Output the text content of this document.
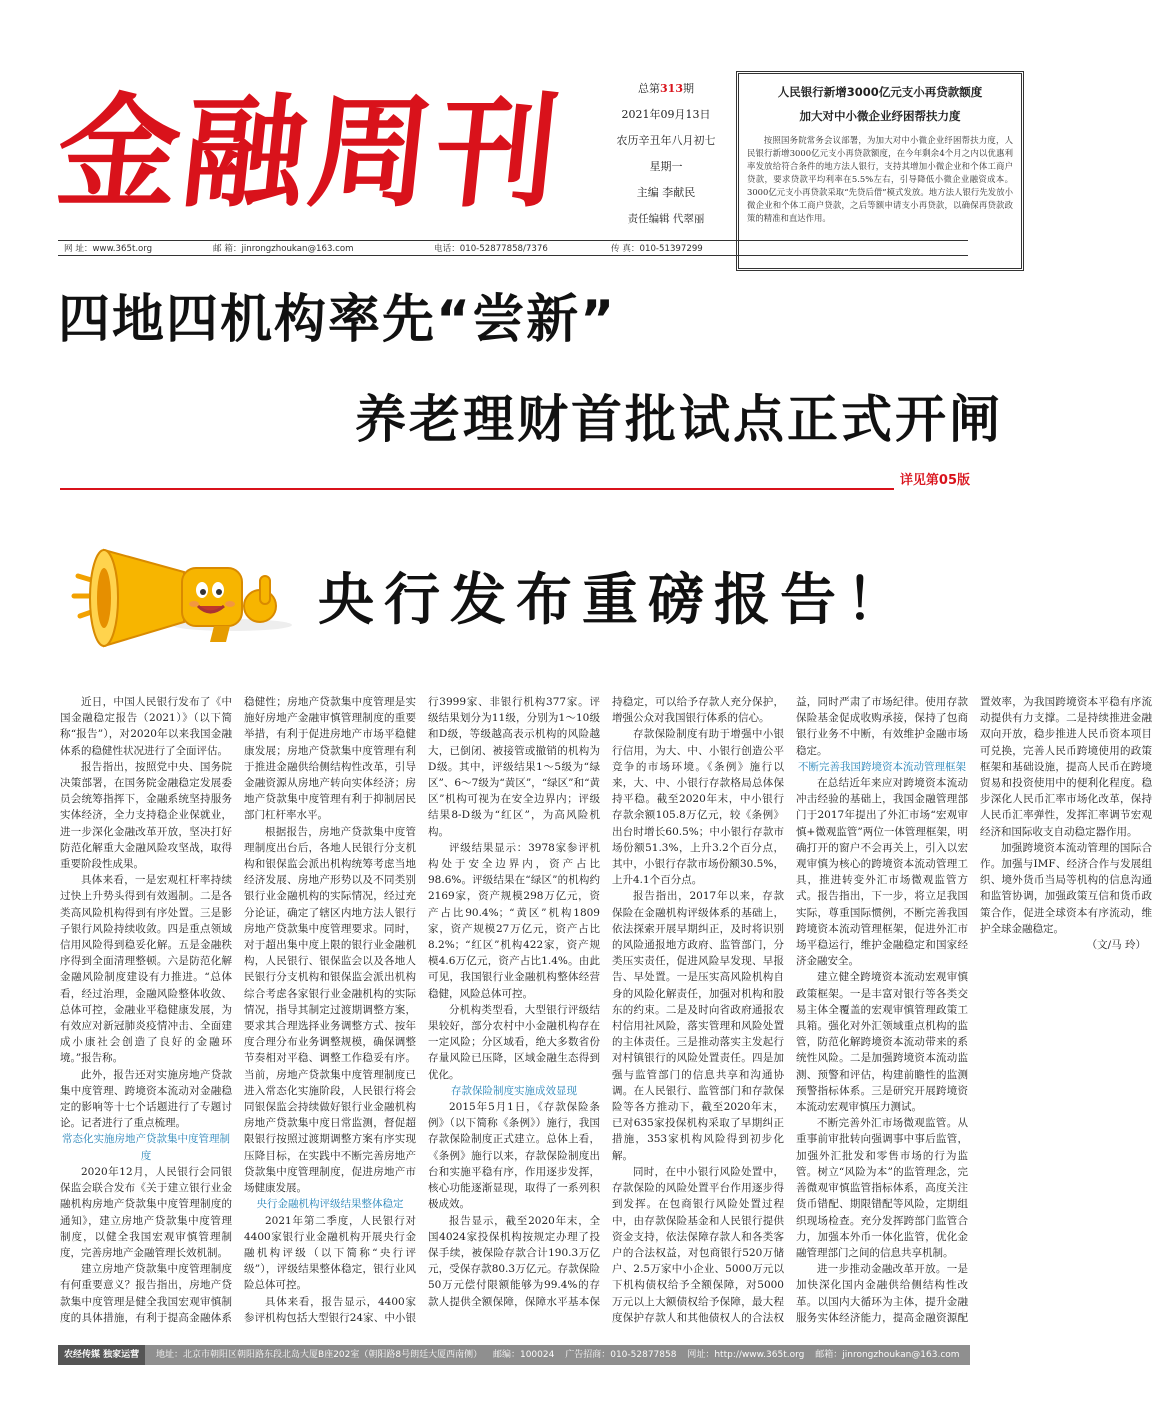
金融周刊	总第313期
2021年09月13日
农历辛丑年八月初七
星期一
主编 李献民
责任编辑 代翠丽
人民银行新增3000亿元支小再贷款额度
加大对中小微企业纾困帮扶力度
按照国务院常务会议部署，为加大对中小微企业纾困帮扶力度，人民银行新增3000亿元支小再贷款额度，在今年剩余4个月之内以优惠利率发放给符合条件的地方法人银行，支持其增加小微企业和个体工商户贷款，要求贷款平均利率在5.5%左右，引导降低小微企业融资成本。3000亿元支小再贷款采取“先贷后借”模式发放。地方法人银行先发放小微企业和个体工商户贷款，之后等额申请支小再贷款，以确保再贷款政策的精准和直达作用。
网 址：www.365t.org	邮 箱：jinrongzhoukan@163.com	电话：010-52877858/7376	传 真：010-51397299
四地四机构率先“尝新”
养老理财首批试点正式开闸
详见第05版
央行发布重磅报告！

近日，中国人民银行发布了《中国金融稳定报告（2021）》（以下简称“报告”），对2020年以来我国金融体系的稳健性状况进行了全面评估。

报告指出，按照党中央、国务院决策部署，在国务院金融稳定发展委员会统筹指挥下，金融系统坚持服务实体经济，全力支持稳企业保就业，进一步深化金融改革开放，坚决打好防范化解重大金融风险攻坚战，取得重要阶段性成果。

具体来看，一是宏观杠杆率持续过快上升势头得到有效遏制。二是各类高风险机构得到有序处置。三是影子银行风险持续收敛。四是重点领域信用风险得到稳妥化解。五是金融秩序得到全面清理整顿。六是防范化解金融风险制度建设有力推进。“总体看，经过治理，金融风险整体收敛、总体可控，金融业平稳健康发展，为有效应对新冠肺炎疫情冲击、全面建成小康社会创造了良好的金融环境。”报告称。

此外，报告还对实施房地产贷款集中度管理、跨境资本流动对金融稳定的影响等十七个话题进行了专题讨论。记者进行了重点梳理。

常态化实施房地产贷款集中度管理制度

2020年12月，人民银行会同银保监会联合发布《关于建立银行业金融机构房地产贷款集中度管理制度的通知》，建立房地产贷款集中度管理制度，以健全我国宏观审慎管理制度，完善房地产金融管理长效机制。

建立房地产贷款集中度管理制度有何重要意义？报告指出，房地产贷款集中度管理是健全我国宏观审慎制度的具体措施，有利于提高金融体系稳健性；房地产贷款集中度管理是实施好房地产金融审慎管理制度的重要举措，有利于促进房地产市场平稳健康发展；房地产贷款集中度管理有利于推进金融供给侧结构性改革，引导金融资源从房地产转向实体经济；房地产贷款集中度管理有利于抑制居民部门杠杆率水平。

根据报告，房地产贷款集中度管理制度出台后，各地人民银行分支机构和银保监会派出机构统筹考虑当地经济发展、房地产形势以及不同类别银行业金融机构的实际情况，经过充分论证，确定了辖区内地方法人银行房地产贷款集中度管理要求。同时，对于超出集中度上限的银行业金融机构，人民银行、银保监会以及各地人民银行分支机构和银保监会派出机构综合考虑各家银行业金融机构的实际情况，指导其制定过渡期调整方案，要求其合理选择业务调整方式、按年度合理分布业务调整规模，确保调整节奏相对平稳、调整工作稳妥有序。当前，房地产贷款集中度管理制度已进入常态化实施阶段，人民银行将会同银保监会持续做好银行业金融机构房地产贷款集中度日常监测，督促超限银行按照过渡期调整方案有序实现压降目标，在实践中不断完善房地产贷款集中度管理制度，促进房地产市场健康发展。

央行金融机构评级结果整体稳定

2021年第二季度，人民银行对4400家银行业金融机构开展央行金融机构评级（以下简称“央行评级”），评级结果整体稳定，银行业风险总体可控。

具体来看，报告显示，4400家参评机构包括大型银行24家、中小银行3999家、非银行机构377家。评级结果划分为11级，分别为1～10级和D级，等级越高表示机构的风险越大，已倒闭、被接管或撤销的机构为D级。其中，评级结果1～5级为“绿区”、6～7级为“黄区”，“绿区”和“黄区”机构可视为在安全边界内；评级结果8-D级为“红区”，为高风险机构。

评级结果显示：3978家参评机构处于安全边界内，资产占比98.6%。评级结果在“绿区”的机构约2169家，资产规模298万亿元，资产占比90.4%；“黄区”机构1809家，资产规模27万亿元，资产占比8.2%；“红区”机构422家，资产规模4.6万亿元，资产占比1.4%。由此可见，我国银行业金融机构整体经营稳健，风险总体可控。

分机构类型看，大型银行评级结果较好，部分农村中小金融机构存在一定风险；分区域看，绝大多数省份存量风险已压降，区域金融生态得到优化。

存款保险制度实施成效显现

2015年5月1日，《存款保险条例》（以下简称《条例》）施行，我国存款保险制度正式建立。总体上看，《条例》施行以来，存款保险制度出台和实施平稳有序，作用逐步发挥，核心功能逐渐显现，取得了一系列积极成效。

报告显示，截至2020年末，全国4024家投保机构按规定办理了投保手续，被保险存款合计190.3万亿元，受保存款80.3万亿元。存款保险50万元偿付限额能够为99.4%的存款人提供全额保障，保障水平基本保持稳定，可以给予存款人充分保护，增强公众对我国银行体系的信心。

存款保险制度有助于增强中小银行信用，为大、中、小银行创造公平竞争的市场环境。《条例》施行以来，大、中、小银行存款格局总体保持平稳。截至2020年末，中小银行存款余额105.8万亿元，较《条例》出台时增长60.5%；中小银行存款市场份额51.3%，上升3.2个百分点，其中，小银行存款市场份额30.5%，上升4.1个百分点。

报告指出，2017年以来，存款保险在金融机构评级体系的基础上，依法探索开展早期纠正，及时将识别的风险通报地方政府、监管部门，分类压实责任，促进风险早发现、早报告、早处置。一是压实高风险机构自身的风险化解责任，加强对机构和股东的约束。二是及时向省政府通报农村信用社风险，落实管理和风险处置的主体责任。三是推动落实主发起行对村镇银行的风险处置责任。四是加强与监管部门的信息共享和沟通协调。在人民银行、监管部门和存款保险等各方推动下，截至2020年末，已对635家投保机构采取了早期纠正措施，353家机构风险得到初步化解。

同时，在中小银行风险处置中，存款保险的风险处置平台作用逐步得到发挥。在包商银行风险处置过程中，由存款保险基金和人民银行提供资金支持，依法保障存款人和各类客户的合法权益，对包商银行520万储户、2.5万家中小企业、5000万元以下机构债权给予全额保障，对5000万元以上大额债权给予保障，最大程度保护存款人和其他债权人的合法权益，同时严肃了市场纪律。使用存款保险基金促成收购承接，保持了包商银行业务不中断，有效维护金融市场稳定。

不断完善我国跨境资本流动管理框架

在总结近年来应对跨境资本流动冲击经验的基础上，我国金融管理部门于2017年提出了外汇市场“宏观审慎+微观监管”两位一体管理框架，明确打开的窗户不会再关上，引入以宏观审慎为核心的跨境资本流动管理工具，推进转变外汇市场微观监管方式。报告指出，下一步，将立足我国实际，尊重国际惯例，不断完善我国跨境资本流动管理框架，促进外汇市场平稳运行，维护金融稳定和国家经济金融安全。

建立健全跨境资本流动宏观审慎政策框架。一是丰富对银行等各类交易主体全覆盖的宏观审慎管理政策工具箱。强化对外汇领域重点机构的监管，防范化解跨境资本流动带来的系统性风险。二是加强跨境资本流动监测、预警和评估，构建前瞻性的监测预警指标体系。三是研究开展跨境资本流动宏观审慎压力测试。

不断完善外汇市场微观监管。从重事前审批转向强调事中事后监管，加强外汇批发和零售市场的行为监管。树立“风险为本”的监管理念，完善微观审慎监管指标体系，高度关注货币错配、期限错配等风险，定期组织现场检查。充分发挥跨部门监管合力，加强本外币一体化监管，优化金融管理部门之间的信息共享机制。

进一步推动金融改革开放。一是加快深化国内金融供给侧结构性改革。以国内大循环为主体，提升金融服务实体经济能力，提高金融资源配置效率，为我国跨境资本平稳有序流动提供有力支撑。二是持续推进金融双向开放，稳步推进人民币资本项目可兑换，完善人民币跨境使用的政策框架和基础设施，提高人民币在跨境贸易和投资使用中的便利化程度。稳步深化人民币汇率市场化改革，保持人民币汇率弹性，发挥汇率调节宏观经济和国际收支自动稳定器作用。

加强跨境资本流动管理的国际合作。加强与IMF、经济合作与发展组织、境外货币当局等机构的信息沟通和监管协调，加强政策互信和货币政策合作，促进全球资本有序流动，维护全球金融稳定。

（文/马 玲）

农经传媒 独家运营 地址：北京市朝阳区朝阳路东段北岛大厦B座202室（朝阳路8号朗廷大厦西南侧） 邮编：100024 广告招商：010-52877858 网址：http://www.365t.org 邮箱：jinrongzhoukan@163.com
